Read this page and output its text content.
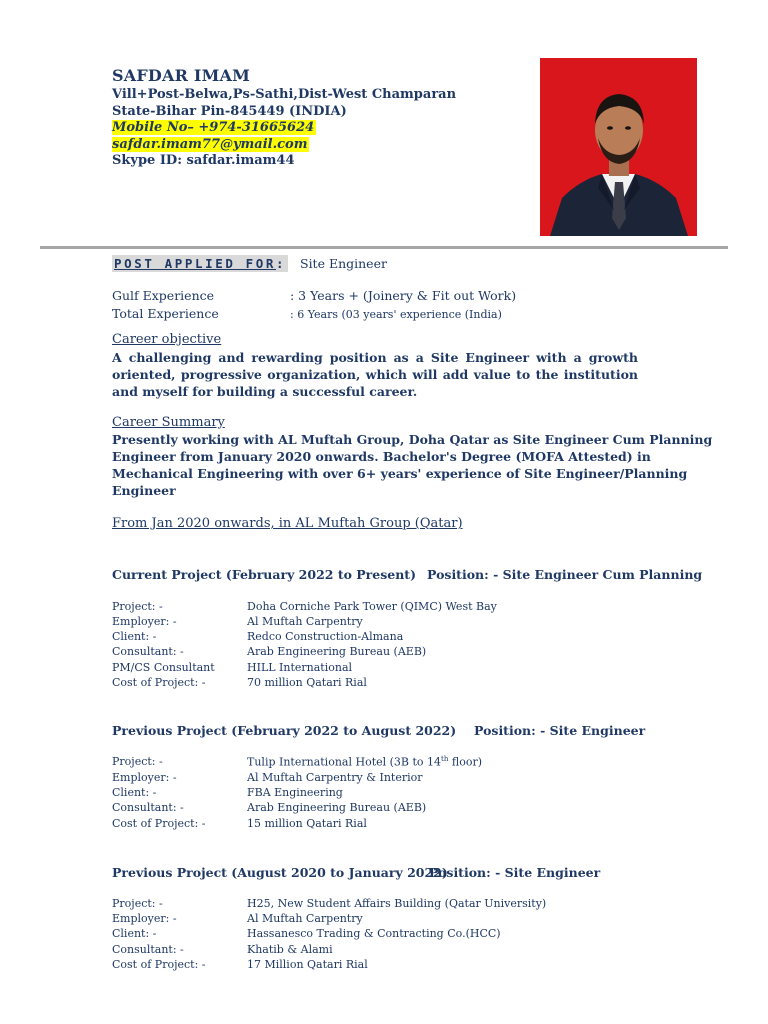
SAFDAR IMAM
Vill+Post-Belwa,Ps-Sathi,Dist-West Champaran
State-Bihar Pin-845449 (INDIA)
Mobile No– +974-31665624
safdar.imam77@ymail.com
Skype ID: safdar.imam44
POST APPLIED FOR: Site Engineer
Gulf Experience	: 3 Years + (Joinery & Fit out Work)
Total Experience	: 6 Years (03 years' experience (India)
Career objective
A challenging and rewarding position as a Site Engineer with a growth oriented, progressive organization, which will add value to the institution and myself for building a successful career.
Career Summary
Presently working with AL Muftah Group, Doha Qatar as Site Engineer Cum Planning
Engineer from January 2020 onwards. Bachelor's Degree (MOFA Attested) in
Mechanical Engineering with over 6+ years' experience of Site Engineer/Planning
Engineer
From Jan 2020 onwards, in AL Muftah Group (Qatar)
Current Project (February 2022 to Present) Position: - Site Engineer Cum Planning
Project: -	Doha Corniche Park Tower (QIMC) West Bay
Employer: -	Al Muftah Carpentry
Client: -	Redco Construction-Almana
Consultant: -	Arab Engineering Bureau (AEB)
PM/CS Consultant	HILL International
Cost of Project: -	70 million Qatari Rial
Previous Project (February 2022 to August 2022) Position: - Site Engineer
Project: -	Tulip International Hotel (3B to 14th floor)
Employer: -	Al Muftah Carpentry & Interior
Client: -	FBA Engineering
Consultant: -	Arab Engineering Bureau (AEB)
Cost of Project: -	15 million Qatari Rial
Previous Project (August 2020 to January 2022)
Position: - Site Engineer
Project: -	H25, New Student Affairs Building (Qatar University)
Employer: -	Al Muftah Carpentry
Client: -	Hassanesco Trading & Contracting Co.(HCC)
Consultant: -	Khatib & Alami
Cost of Project: -	17 Million Qatari Rial
